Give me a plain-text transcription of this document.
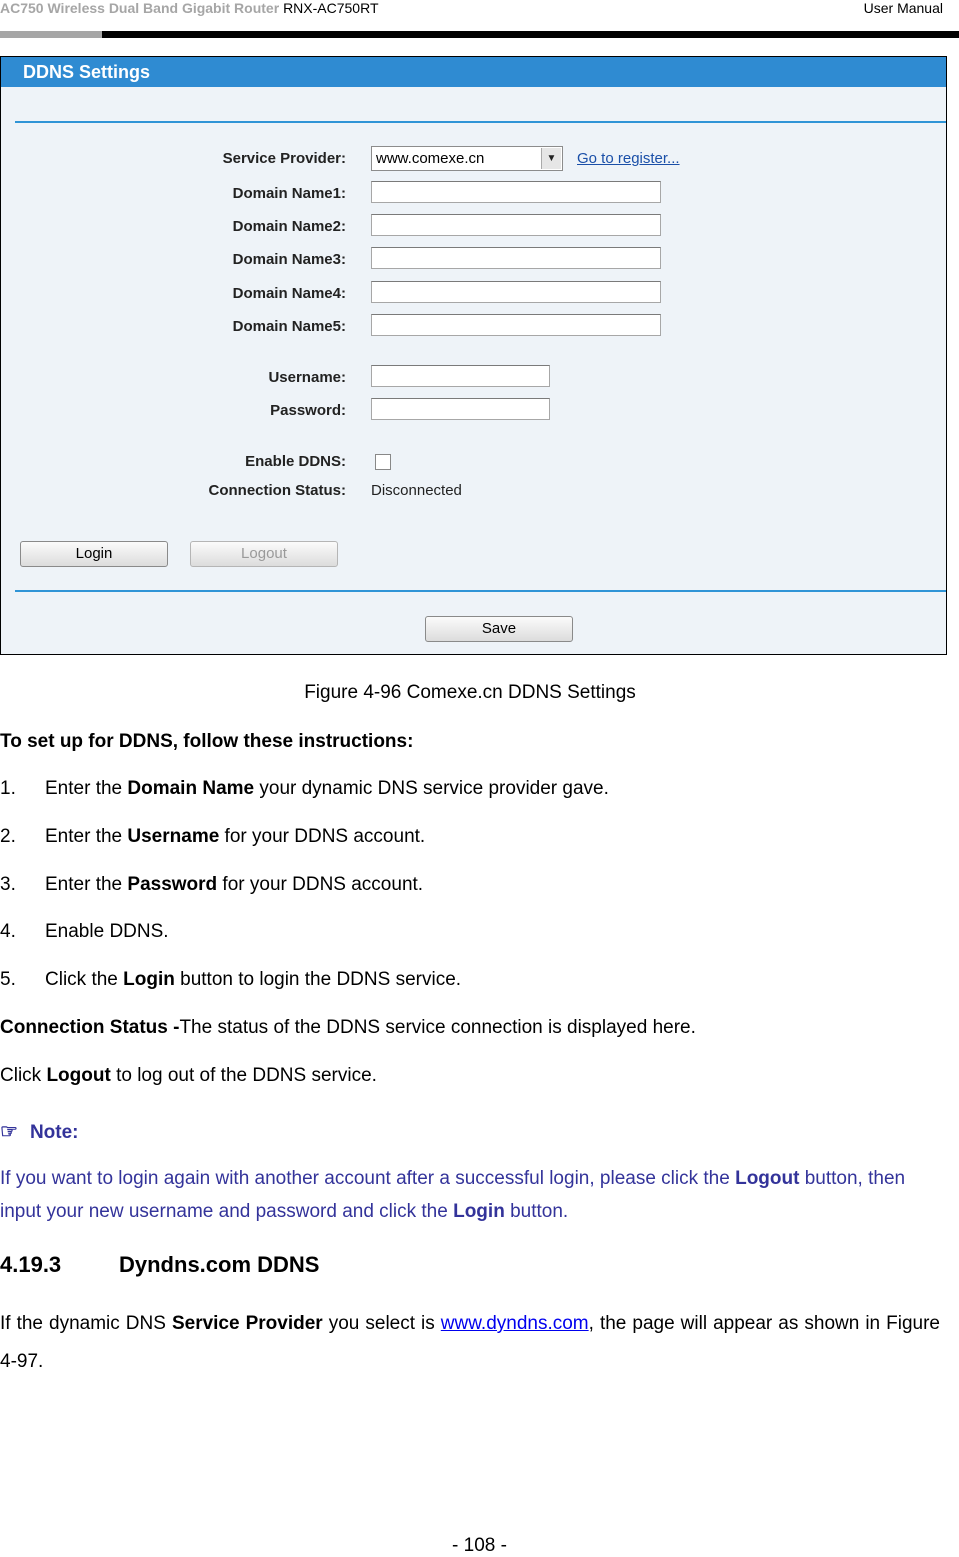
AC750 Wireless Dual Band Gigabit Router RNX-AC750RT	User Manual
DDNS Settings
Service Provider:	www.comexe.cn	▼	Go to register...
Domain Name1:
Domain Name2:
Domain Name3:
Domain Name4:
Domain Name5:
Username:
Password:
Enable DDNS:
Connection Status: Disconnected
Login	Logout
Save
Figure 4-96 Comexe.cn DDNS Settings
To set up for DDNS, follow these instructions:
1. Enter the Domain Name your dynamic DNS service provider gave.
2. Enter the Username for your DDNS account.
3. Enter the Password for your DDNS account.
4. Enable DDNS.
5. Click the Login button to login the DDNS service.
Connection Status -The status of the DDNS service connection is displayed here.
Click Logout to log out of the DDNS service.
☞ Note:
If you want to login again with another account after a successful login, please click the Logout button, then input your new username and password and click the Login button.
4.19.3	Dyndns.com DDNS
If the dynamic DNS Service Provider you select is www.dyndns.com, the page will appear as shown in Figure 4-97.
- 108 -
